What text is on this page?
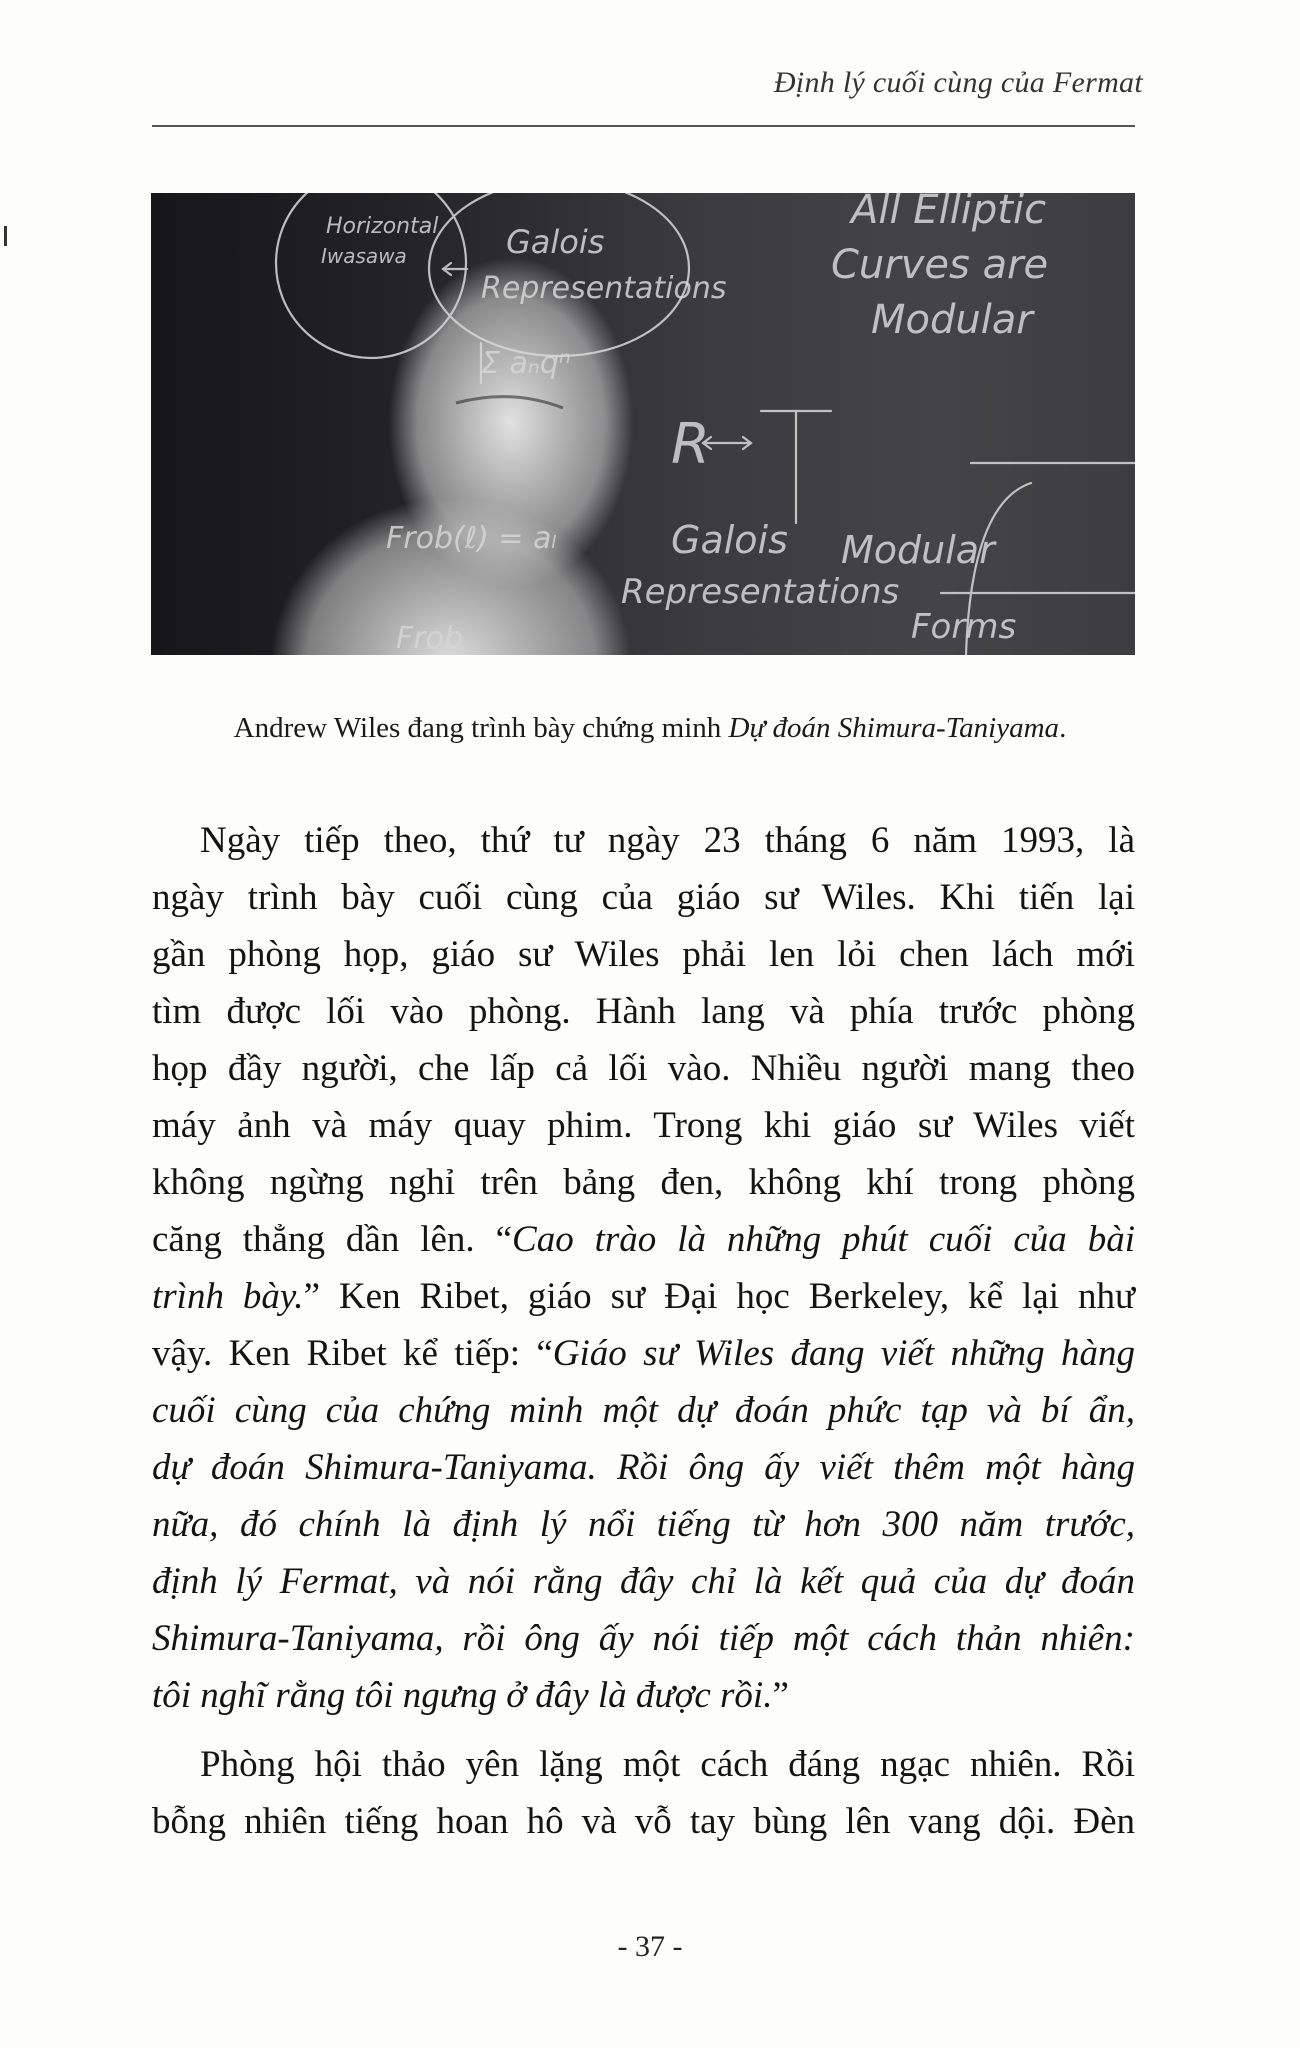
Định lý cuối cùng của Fermat
Horizontal
Iwasawa	Galois
Representations
All Elliptic
Curves are
Modular
Σ aₙqⁿ
R
Galois Modular
Representations
Forms
Frob(ℓ) = aₗ
Frob
Andrew Wiles đang trình bày chứng minh Dự đoán Shimura-Taniyama.
Ngày tiếp theo, thứ tư ngày 23 tháng 6 năm 1993, là
ngày trình bày cuối cùng của giáo sư Wiles. Khi tiến lại
gần phòng họp, giáo sư Wiles phải len lỏi chen lách mới
tìm được lối vào phòng. Hành lang và phía trước phòng
họp đầy người, che lấp cả lối vào. Nhiều người mang theo
máy ảnh và máy quay phim. Trong khi giáo sư Wiles viết
không ngừng nghỉ trên bảng đen, không khí trong phòng
căng thẳng dần lên. “Cao trào là những phút cuối của bài
trình bày.” Ken Ribet, giáo sư Đại học Berkeley, kể lại như
vậy. Ken Ribet kể tiếp: “Giáo sư Wiles đang viết những hàng
cuối cùng của chứng minh một dự đoán phức tạp và bí ẩn,
dự đoán Shimura-Taniyama. Rồi ông ấy viết thêm một hàng
nữa, đó chính là định lý nổi tiếng từ hơn 300 năm trước,
định lý Fermat, và nói rằng đây chỉ là kết quả của dự đoán
Shimura-Taniyama, rồi ông ấy nói tiếp một cách thản nhiên:
tôi nghĩ rằng tôi ngưng ở đây là được rồi.”
Phòng hội thảo yên lặng một cách đáng ngạc nhiên. Rồi
bỗng nhiên tiếng hoan hô và vỗ tay bùng lên vang dội. Đèn
- 37 -
